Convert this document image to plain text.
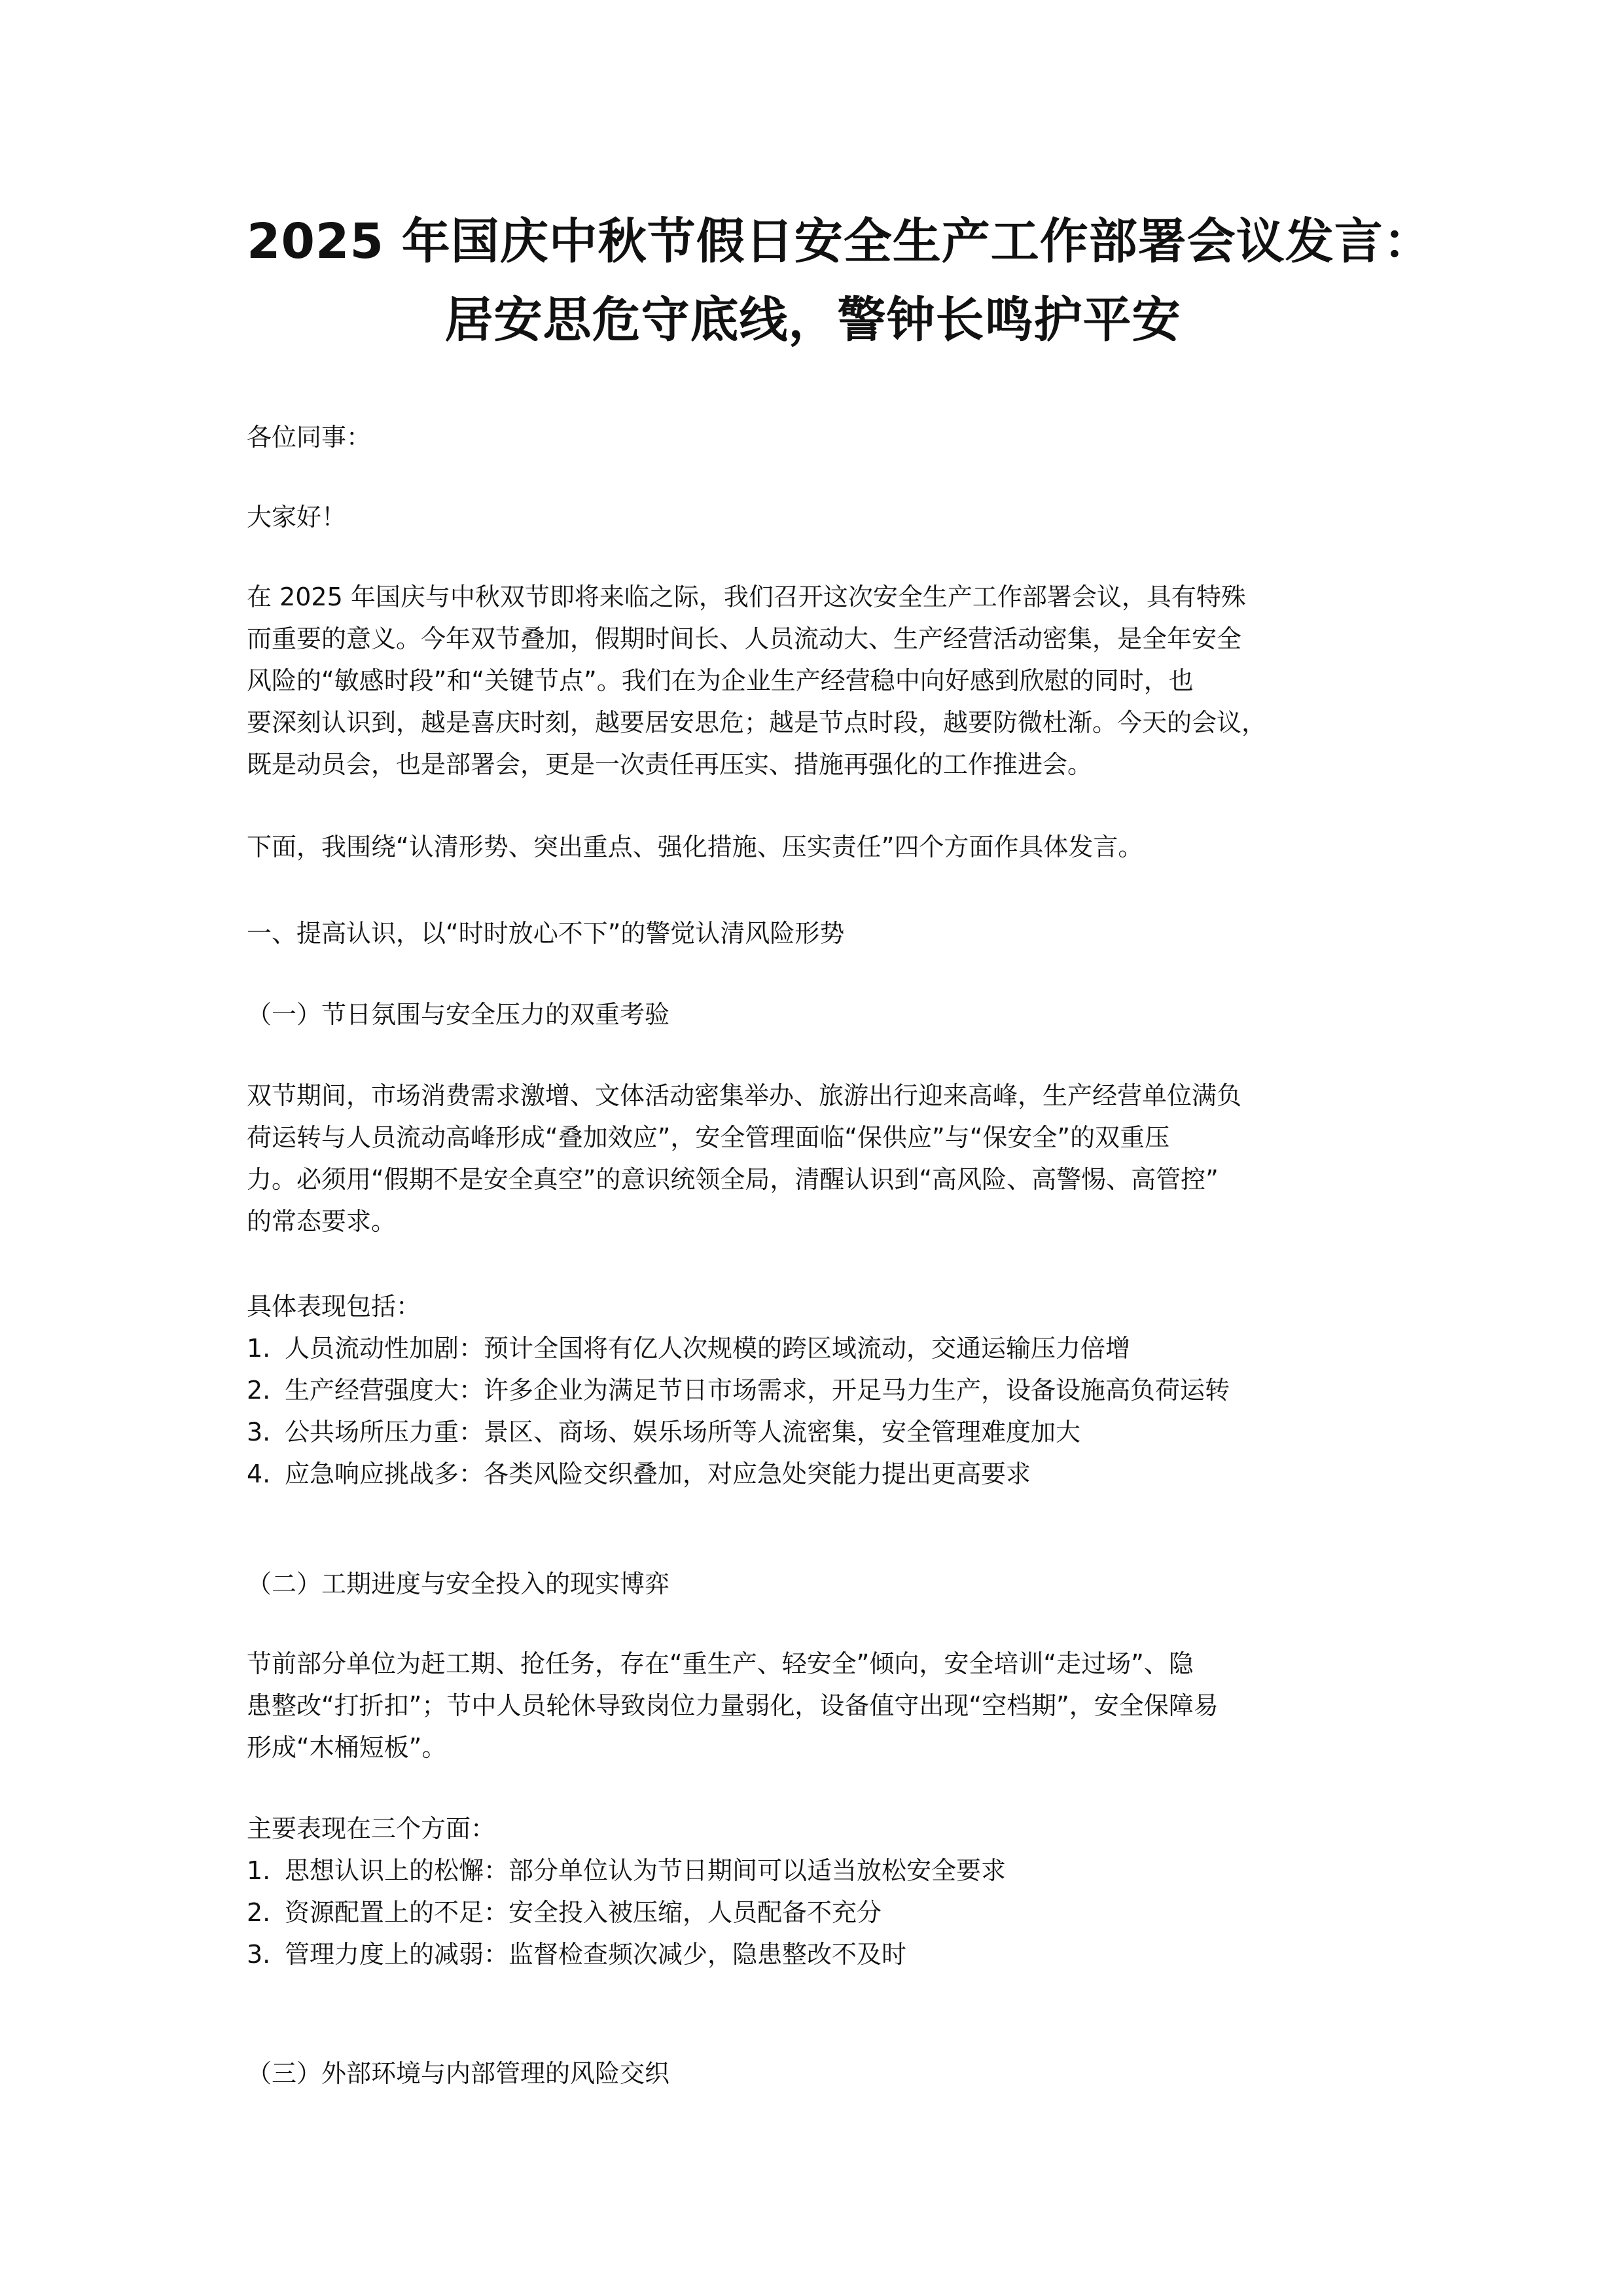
2025 年国庆中秋节假日安全生产工作部署会议发言：
居安思危守底线，警钟长鸣护平安

各位同事：

大家好！

在 2025 年国庆与中秋双节即将来临之际，我们召开这次安全生产工作部署会议，具有特殊
而重要的意义。今年双节叠加，假期时间长、人员流动大、生产经营活动密集，是全年安全
风险的“敏感时段”和“关键节点”。我们在为企业生产经营稳中向好感到欣慰的同时，也
要深刻认识到，越是喜庆时刻，越要居安思危；越是节点时段，越要防微杜渐。今天的会议，
既是动员会，也是部署会，更是一次责任再压实、措施再强化的工作推进会。

下面，我围绕“认清形势、突出重点、强化措施、压实责任”四个方面作具体发言。

一、提高认识，以“时时放心不下”的警觉认清风险形势

（一）节日氛围与安全压力的双重考验

双节期间，市场消费需求激增、文体活动密集举办、旅游出行迎来高峰，生产经营单位满负
荷运转与人员流动高峰形成“叠加效应”，安全管理面临“保供应”与“保安全”的双重压
力。必须用“假期不是安全真空”的意识统领全局，清醒认识到“高风险、高警惕、高管控”
的常态要求。

具体表现包括：

1. 人员流动性加剧：预计全国将有亿人次规模的跨区域流动，交通运输压力倍增
2. 生产经营强度大：许多企业为满足节日市场需求，开足马力生产，设备设施高负荷运转
3. 公共场所压力重：景区、商场、娱乐场所等人流密集，安全管理难度加大
4. 应急响应挑战多：各类风险交织叠加，对应急处突能力提出更高要求

（二）工期进度与安全投入的现实博弈

节前部分单位为赶工期、抢任务，存在“重生产、轻安全”倾向，安全培训“走过场”、隐
患整改“打折扣”；节中人员轮休导致岗位力量弱化，设备值守出现“空档期”，安全保障易
形成“木桶短板”。

主要表现在三个方面：

1. 思想认识上的松懈：部分单位认为节日期间可以适当放松安全要求
2. 资源配置上的不足：安全投入被压缩，人员配备不充分
3. 管理力度上的减弱：监督检查频次减少，隐患整改不及时

（三）外部环境与内部管理的风险交织
